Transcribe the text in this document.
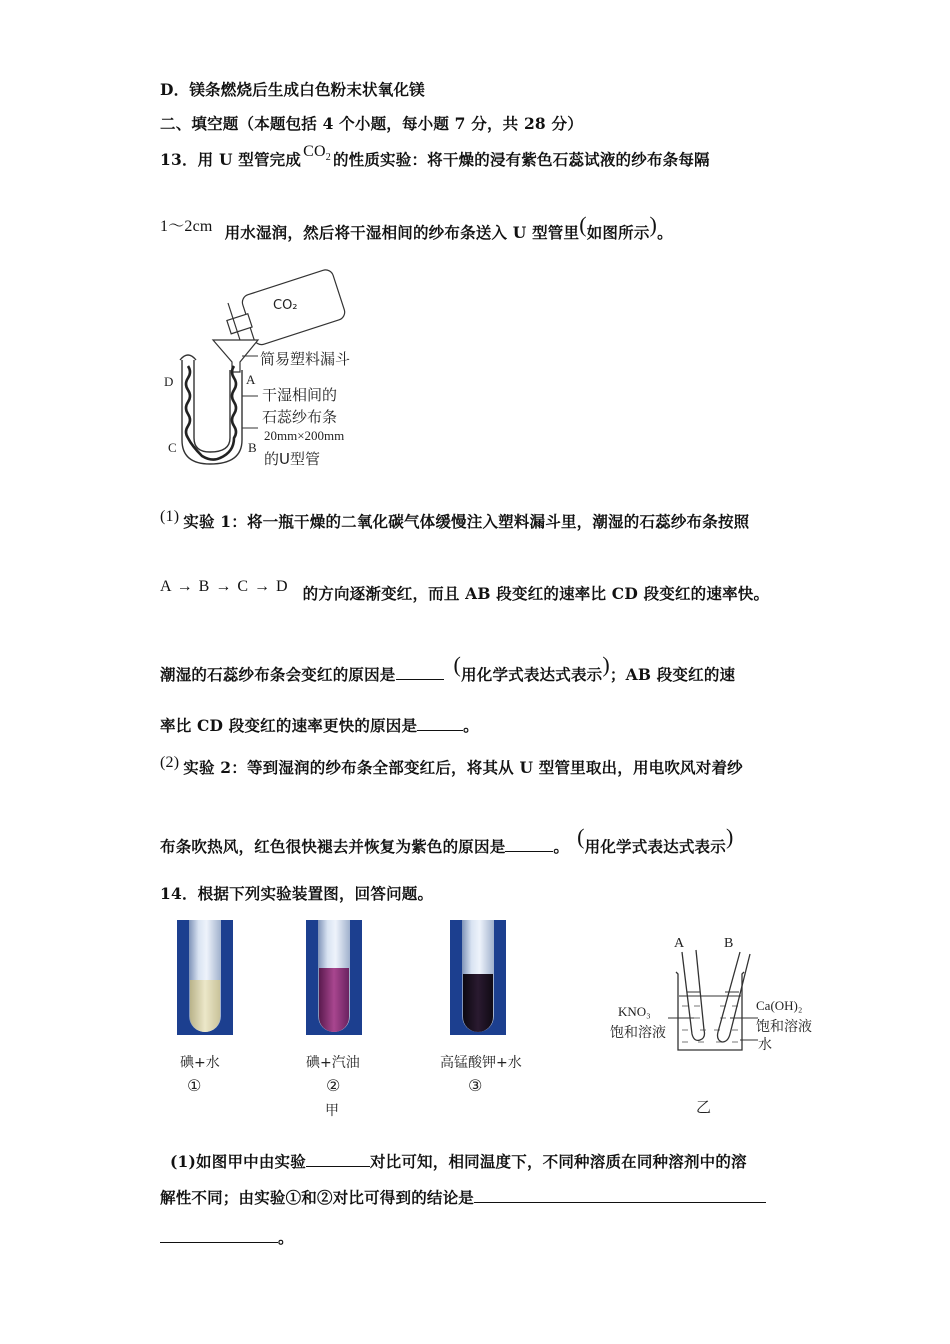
D．镁条燃烧后生成白色粉末状氧化镁
二、填空题（本题包括 4 个小题，每小题 7 分，共 28 分）
13．用 U 型管完成 $CO_2$ 的性质实验：将干燥的浸有紫色石蕊试液的纱布条每隔
1～2cm 用水湿润，然后将干湿相间的纱布条送入 U 型管里(如图所示)。
CO₂
简易塑料漏斗
干湿相间的
石蕊纱布条
20mm×200mm
的U型管
A
B
C
D
(1) 实验 1：将一瓶干燥的二氧化碳气体缓慢注入塑料漏斗里，潮湿的石蕊纱布条按照
A → B → C → D 的方向逐渐变红，而且 AB 段变红的速率比 CD 段变红的速率快。
潮湿的石蕊纱布条会变红的原因是	(用化学式表达式表示)；AB 段变红的速
率比 CD 段变红的速率更快的原因是	。
(2) 实验 2：等到湿润的纱布条全部变红后，将其从 U 型管里取出，用电吹风对着纱
布条吹热风，红色很快褪去并恢复为紫色的原因是	。 (用化学式表达式表示)
14．根据下列实验装置图，回答问题。
碘+水
①
碘+汽油
②
甲
高锰酸钾+水
③
A	B
KNO₃
饱和溶液
Ca(OH)₂
饱和溶液
水
乙
(1)如图甲中由实验	对比可知，相同温度下，不同种溶质在同种溶剂中的溶
解性不同；由实验①和②对比可得到的结论是
。
